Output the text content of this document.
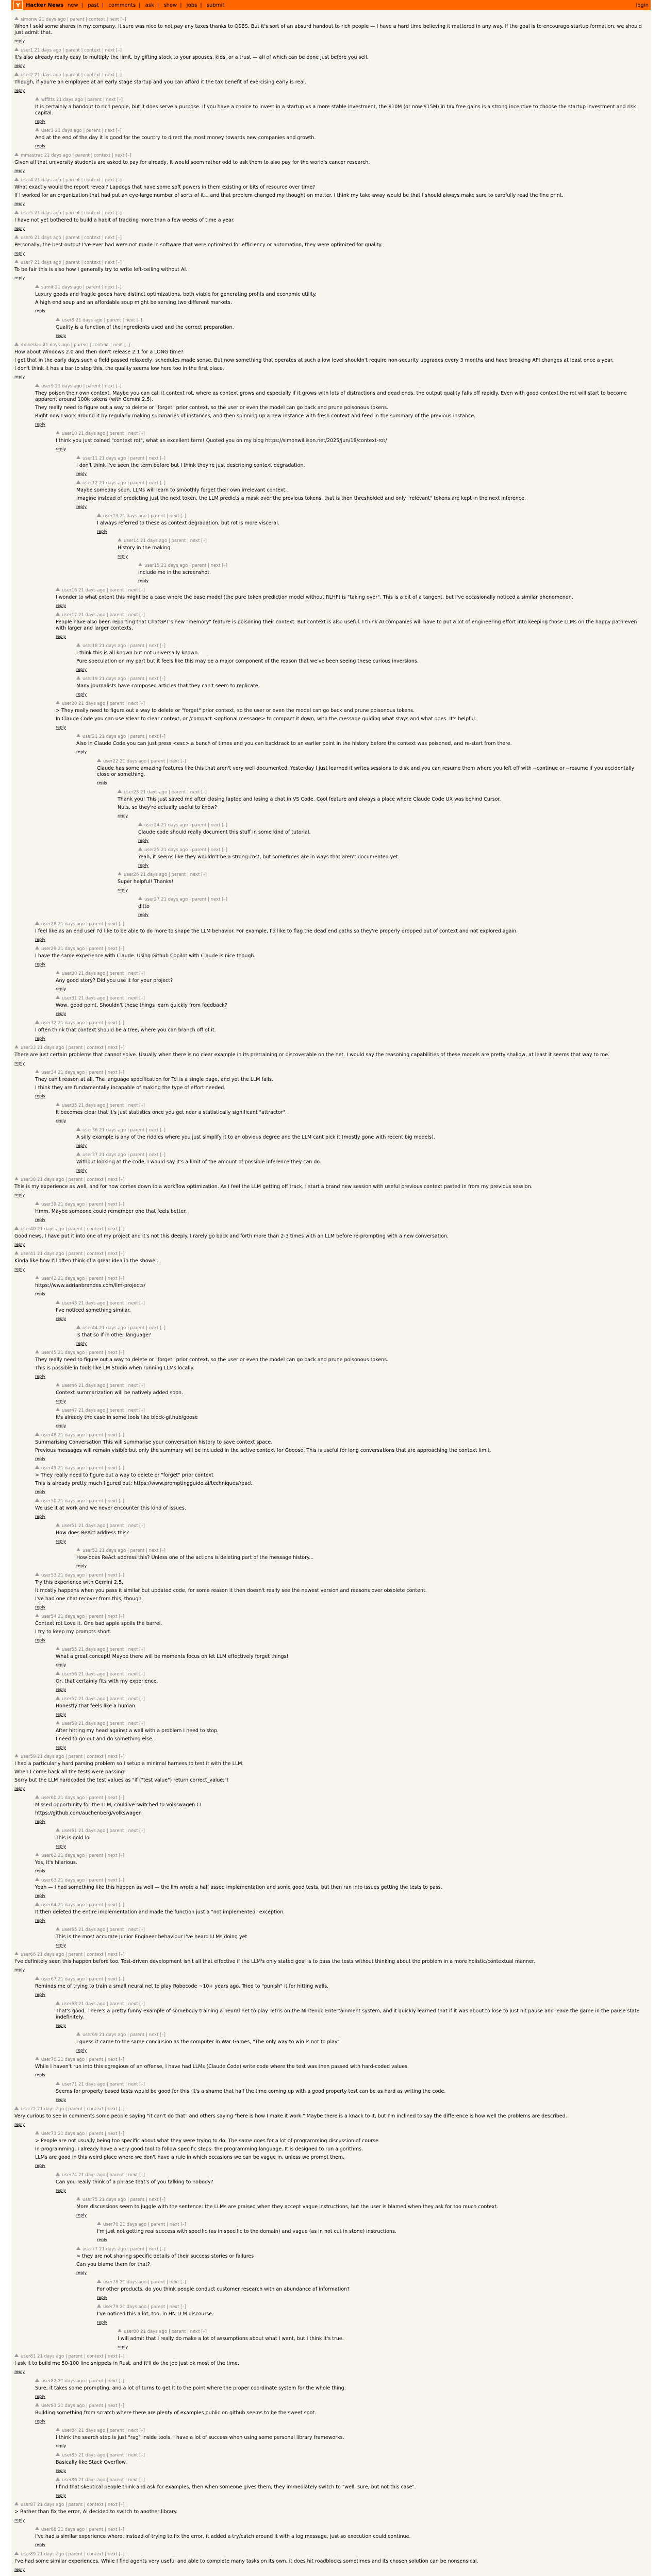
Y	Hacker News new | past | comments | ask | show | jobs | submit	login
simonw 21 days ago | parent | context | next [–]

When I sold some shares in my company, it sure was nice to not pay any taxes thanks to QSBS. But it's sort of an absurd handout to rich people — I have a hard time believing it mattered in any way. If the goal is to encourage startup formation, we should just admit that.

reply
user1 21 days ago | parent | context | next [–]

It's also already really easy to multiply the limit, by gifting stock to your spouses, kids, or a trust — all of which can be done just before you sell.

reply
user2 21 days ago | parent | context | next [–]

Though, if you're an employee at an early stage startup and you can afford it the tax benefit of exercising early is real.

reply
wffitts 21 days ago | parent | next [–]

It is certainly a handout to rich people, but it does serve a purpose. If you have a choice to invest in a startup vs a more stable investment, the $10M (or now $15M) in tax free gains is a strong incentive to choose the startup investment and risk capital.

reply
user3 21 days ago | parent | next [–]

And at the end of the day it is good for the country to direct the most money towards new companies and growth.

reply
mmastrac 21 days ago | parent | context | next [–]

Given all that university students are asked to pay for already, it would seem rather odd to ask them to also pay for the world's cancer research.

reply
user4 21 days ago | parent | context | next [–]

What exactly would the report reveal? Lapdogs that have some soft powers in them existing or bits of resource over time?

If I worked for an organization that had put an eye-large number of sorts of it... and that problem changed my thought on matter. I think my take away would be that I should always make sure to carefully read the fine print.

reply
user5 21 days ago | parent | context | next [–]

I have not yet bothered to build a habit of tracking more than a few weeks of time a year.

reply
user6 21 days ago | parent | context | next [–]

Personally, the best output I've ever had were not made in software that were optimized for efficiency or automation, they were optimized for quality.

reply
user7 21 days ago | parent | context | next [–]

To be fair this is also how I generally try to write left-ceiling without AI.

reply
sumit 21 days ago | parent | next [–]

Luxury goods and fragile goods have distinct optimizations, both viable for generating profits and economic utility.

A high end soup and an affordable soup might be serving two different markets.

reply
user8 21 days ago | parent | next [–]

Quality is a function of the ingredients used and the correct preparation.

reply
mabedan 21 days ago | parent | context | next [–]

How about Windows 2.0 and then don't release 2.1 for a LONG time?

I get that in the early days such a field passed relaxedly, schedules made sense. But now something that operates at such a low level shouldn't require non-security upgrades every 3 months and have breaking API changes at least once a year.

I don't think it has a bar to stop this, the quality seems low here too in the first place.

reply
user9 21 days ago | parent | next [–]

They poison their own context. Maybe you can call it context rot, where as context grows and especially if it grows with lots of distractions and dead ends, the output quality falls off rapidly. Even with good context the rot will start to become apparent around 100k tokens (with Gemini 2.5).

They really need to figure out a way to delete or "forget" prior context, so the user or even the model can go back and prune poisonous tokens.

Right now I work around it by regularly making summaries of instances, and then spinning up a new instance with fresh context and feed in the summary of the previous instance.

reply
user10 21 days ago | parent | next [–]

I think you just coined "context rot", what an excellent term! Quoted you on my blog https://simonwillison.net/2025/Jun/18/context-rot/

reply
user11 21 days ago | parent | next [–]

I don't think I've seen the term before but I think they're just describing context degradation.

reply
user12 21 days ago | parent | next [–]

Maybe someday soon, LLMs will learn to smoothly forget their own irrelevant context.

Imagine instead of predicting just the next token, the LLM predicts a mask over the previous tokens, that is then thresholded and only "relevant" tokens are kept in the next inference.

reply
user13 21 days ago | parent | next [–]

I always referred to these as context degradation, but rot is more visceral.

reply
user14 21 days ago | parent | next [–]

History in the making.

reply
user15 21 days ago | parent | next [–]

Include me in the screenshot.

reply
user16 21 days ago | parent | next [–]

I wonder to what extent this might be a case where the base model (the pure token prediction model without RLHF) is "taking over". This is a bit of a tangent, but I've occasionally noticed a similar phenomenon.

reply
user17 21 days ago | parent | next [–]

People have also been reporting that ChatGPT's new "memory" feature is poisoning their context. But context is also useful. I think AI companies will have to put a lot of engineering effort into keeping those LLMs on the happy path even with larger and larger contexts.

reply
user18 21 days ago | parent | next [–]

I think this is all known but not universally known.

Pure speculation on my part but it feels like this may be a major component of the reason that we've been seeing these curious inversions.

reply
user19 21 days ago | parent | next [–]

Many journalists have composed articles that they can't seem to replicate.

reply
user20 21 days ago | parent | next [–]

> They really need to figure out a way to delete or "forget" prior context, so the user or even the model can go back and prune poisonous tokens.

In Claude Code you can use /clear to clear context, or /compact <optional message> to compact it down, with the message guiding what stays and what goes. It's helpful.

reply
user21 21 days ago | parent | next [–]

Also in Claude Code you can just press <esc> a bunch of times and you can backtrack to an earlier point in the history before the context was poisoned, and re-start from there.

reply
user22 21 days ago | parent | next [–]

Claude has some amazing features like this that aren't very well documented. Yesterday I just learned it writes sessions to disk and you can resume them where you left off with --continue or --resume if you accidentally close or something.

reply
user23 21 days ago | parent | next [–]

Thank you! This just saved me after closing laptop and losing a chat in VS Code. Cool feature and always a place where Claude Code UX was behind Cursor.

Nuts, so they're actually useful to know?

reply
user24 21 days ago | parent | next [–]

Claude code should really document this stuff in some kind of tutorial.

reply
user25 21 days ago | parent | next [–]

Yeah, it seems like they wouldn't be a strong cost, but sometimes are in ways that aren't documented yet.

reply
user26 21 days ago | parent | next [–]

Super helpful! Thanks!

reply
user27 21 days ago | parent | next [–]

ditto

reply
user28 21 days ago | parent | next [–]

I feel like as an end user I'd like to be able to do more to shape the LLM behavior. For example, I'd like to flag the dead end paths so they're properly dropped out of context and not explored again.

reply
user29 21 days ago | parent | next [–]

I have the same experience with Claude. Using Github Copilot with Claude is nice though.

reply
user30 21 days ago | parent | next [–]

Any good story? Did you use it for your project?

reply
user31 21 days ago | parent | next [–]

Wow, good point. Shouldn't these things learn quickly from feedback?

reply
user32 21 days ago | parent | next [–]

I often think that context should be a tree, where you can branch off of it.

reply
user33 21 days ago | parent | context | next [–]

There are just certain problems that cannot solve. Usually when there is no clear example in its pretraining or discoverable on the net. I would say the reasoning capabilities of these models are pretty shallow, at least it seems that way to me.

reply
user34 21 days ago | parent | next [–]

They can't reason at all. The language specification for Tcl is a single page, and yet the LLM fails.

I think they are fundamentally incapable of making the type of effort needed.

reply
user35 21 days ago | parent | next [–]

It becomes clear that it's just statistics once you get near a statistically significant "attractor".

reply
user36 21 days ago | parent | next [–]

A silly example is any of the riddles where you just simplify it to an obvious degree and the LLM cant pick it (mostly gone with recent big models).

reply
user37 21 days ago | parent | next [–]

Without looking at the code, I would say it's a limit of the amount of possible inference they can do.

reply
user38 21 days ago | parent | context | next [–]

This is my experience as well, and for now comes down to a workflow optimization. As I feel the LLM getting off track, I start a brand new session with useful previous context pasted in from my previous session.

reply
user39 21 days ago | parent | next [–]

Hmm. Maybe someone could remember one that feels better.

reply
user40 21 days ago | parent | context | next [–]

Good news, I have put it into one of my project and it's not this deeply. I rarely go back and forth more than 2-3 times with an LLM before re-prompting with a new conversation.

reply
user41 21 days ago | parent | context | next [–]

Kinda like how I'll often think of a great idea in the shower.

reply
user42 21 days ago | parent | next [–]

https://www.adrianbrandes.com/llm-projects/

reply
user43 21 days ago | parent | next [–]

I've noticed something similar.

reply
user44 21 days ago | parent | next [–]

Is that so if in other language?

reply
user45 21 days ago | parent | next [–]

They really need to figure out a way to delete or "forget" prior context, so the user or even the model can go back and prune poisonous tokens.

This is possible in tools like LM Studio when running LLMs locally.

reply
user46 21 days ago | parent | next [–]

Context summarization will be natively added soon.

reply
user47 21 days ago | parent | next [–]

It's already the case in some tools like block-github/goose

reply
user48 21 days ago | parent | next [–]

Summarising Conversation This will summarise your conversation history to save context space.

Previous messages will remain visible but only the summary will be included in the active context for Gooose. This is useful for long conversations that are approaching the context limit.

reply
user49 21 days ago | parent | next [–]

> They really need to figure out a way to delete or "forget" prior context

This is already pretty much figured out: https://www.promptingguide.ai/techniques/react

reply
user50 21 days ago | parent | next [–]

We use it at work and we never encounter this kind of issues.

reply
user51 21 days ago | parent | next [–]

How does ReAct address this?

reply
user52 21 days ago | parent | next [–]

How does ReAct address this? Unless one of the actions is deleting part of the message history...

reply
user53 21 days ago | parent | next [–]

Try this experience with Gemini 2.5.

It mostly happens when you pass it similar but updated code, for some reason it then doesn't really see the newest version and reasons over obsolete content.

I've had one chat recover from this, though.

reply
user54 21 days ago | parent | next [–]

Context rot Love it. One bad apple spoils the barrel.

I try to keep my prompts short.

reply
user55 21 days ago | parent | next [–]

What a great concept! Maybe there will be moments focus on let LLM effectively forget things!

reply
user56 21 days ago | parent | next [–]

Or, that certainly fits with my experience.

reply
user57 21 days ago | parent | next [–]

Honestly that feels like a human.

reply
user58 21 days ago | parent | next [–]

After hitting my head against a wall with a problem I need to stop.

I need to go out and do something else.

reply
user59 21 days ago | parent | context | next [–]

I had a particularly hard parsing problem so I setup a minimal harness to test it with the LLM.

When I come back all the tests were passing!

Sorry but the LLM hardcoded the test values as "if ("test value") return correct_value;"!

reply
user60 21 days ago | parent | next [–]

Missed opportunity for the LLM, could've switched to Volkswagen CI

https://github.com/auchenberg/volkswagen

reply
user61 21 days ago | parent | next [–]

This is gold lol

reply
user62 21 days ago | parent | next [–]

Yes, it's hilarious.

reply
user63 21 days ago | parent | next [–]

Yeah — I had something like this happen as well — the llm wrote a half assed implementation and some good tests, but then ran into issues getting the tests to pass.

reply
user64 21 days ago | parent | next [–]

It then deleted the entire implementation and made the function just a "not implemented" exception.

reply
user65 21 days ago | parent | next [–]

This is the most accurate Junior Engineer behaviour I've heard LLMs doing yet

reply
user66 21 days ago | parent | context | next [–]

I've definitely seen this happen before too. Test-driven development isn't all that effective if the LLM's only stated goal is to pass the tests without thinking about the problem in a more holistic/contextual manner.

reply
user67 21 days ago | parent | next [–]

Reminds me of trying to train a small neural net to play Robocode ~10+ years ago. Tried to "punish" it for hitting walls.

reply
user68 21 days ago | parent | next [–]

That's good. There's a pretty funny example of somebody training a neural net to play Tetris on the Nintendo Entertainment system, and it quickly learned that if it was about to lose to just hit pause and leave the game in the pause state indefinitely.

reply
user69 21 days ago | parent | next [–]

I guess it came to the same conclusion as the computer in War Games, "The only way to win is not to play"

reply
user70 21 days ago | parent | next [–]

While I haven't run into this egregious of an offense, I have had LLMs (Claude Code) write code where the test was then passed with hard-coded values.

reply
user71 21 days ago | parent | next [–]

Seems for property based tests would be good for this. It's a shame that half the time coming up with a good property test can be as hard as writing the code.

reply
user72 21 days ago | parent | context | next [–]

Very curious to see in comments some people saying "it can't do that" and others saying "here is how I make it work." Maybe there is a knack to it, but I'm inclined to say the difference is how well the problems are described.

reply
user73 21 days ago | parent | next [–]

> People are not usually being too specific about what they were trying to do. The same goes for a lot of programming discussion of course.

In programming, I already have a very good tool to follow specific steps: the programming language. It is designed to run algorithms.

LLMs are good in this weird place where we don't have a rule in which occasions we can be vague in, unless we prompt them.

reply
user74 21 days ago | parent | next [–]

Can you really think of a phrase that's of you talking to nobody?

reply
user75 21 days ago | parent | next [–]

More discussions seem to juggle with the sentence: the LLMs are praised when they accept vague instructions, but the user is blamed when they ask for too much context.

reply
user76 21 days ago | parent | next [–]

I'm just not getting real success with specific (as in specific to the domain) and vague (as in not cut in stone) instructions.

reply
user77 21 days ago | parent | next [–]

> they are not sharing specific details of their success stories or failures

Can you blame them for that?

reply
user78 21 days ago | parent | next [–]

For other products, do you think people conduct customer research with an abundance of information?

reply
user79 21 days ago | parent | next [–]

I've noticed this a lot, too, in HN LLM discourse.

reply
user80 21 days ago | parent | next [–]

I will admit that I really do make a lot of assumptions about what I want, but I think it's true.

reply
user81 21 days ago | parent | context | next [–]

I ask it to build me 50-100 line snippets in Rust, and it'll do the job just ok most of the time.

reply
user82 21 days ago | parent | next [–]

Sure, it takes some prompting, and a lot of turns to get it to the point where the proper coordinate system for the whole thing.

reply
user83 21 days ago | parent | next [–]

Building something from scratch where there are plenty of examples public on github seems to be the sweet spot.

reply
user84 21 days ago | parent | next [–]

I think the search step is just "rag" inside tools. I have a lot of success when using some personal library frameworks.

reply
user85 21 days ago | parent | next [–]

Basically like Stack Overflow.

reply
user86 21 days ago | parent | next [–]

I find that skeptical people think and ask for examples, then when someone gives them, they immediately switch to "well, sure, but not this case".

reply
user87 21 days ago | parent | context | next [–]

> Rather than fix the error, AI decided to switch to another library.

reply
user88 21 days ago | parent | next [–]

I've had a similar experience where, instead of trying to fix the error, it added a try/catch around it with a log message, just so execution could continue.

reply
user89 21 days ago | parent | context | next [–]

I've had some similar experiences. While I find agents very useful and able to complete many tasks on its own, it does hit roadblocks sometimes and its chosen solution can be nonsensical.

reply
